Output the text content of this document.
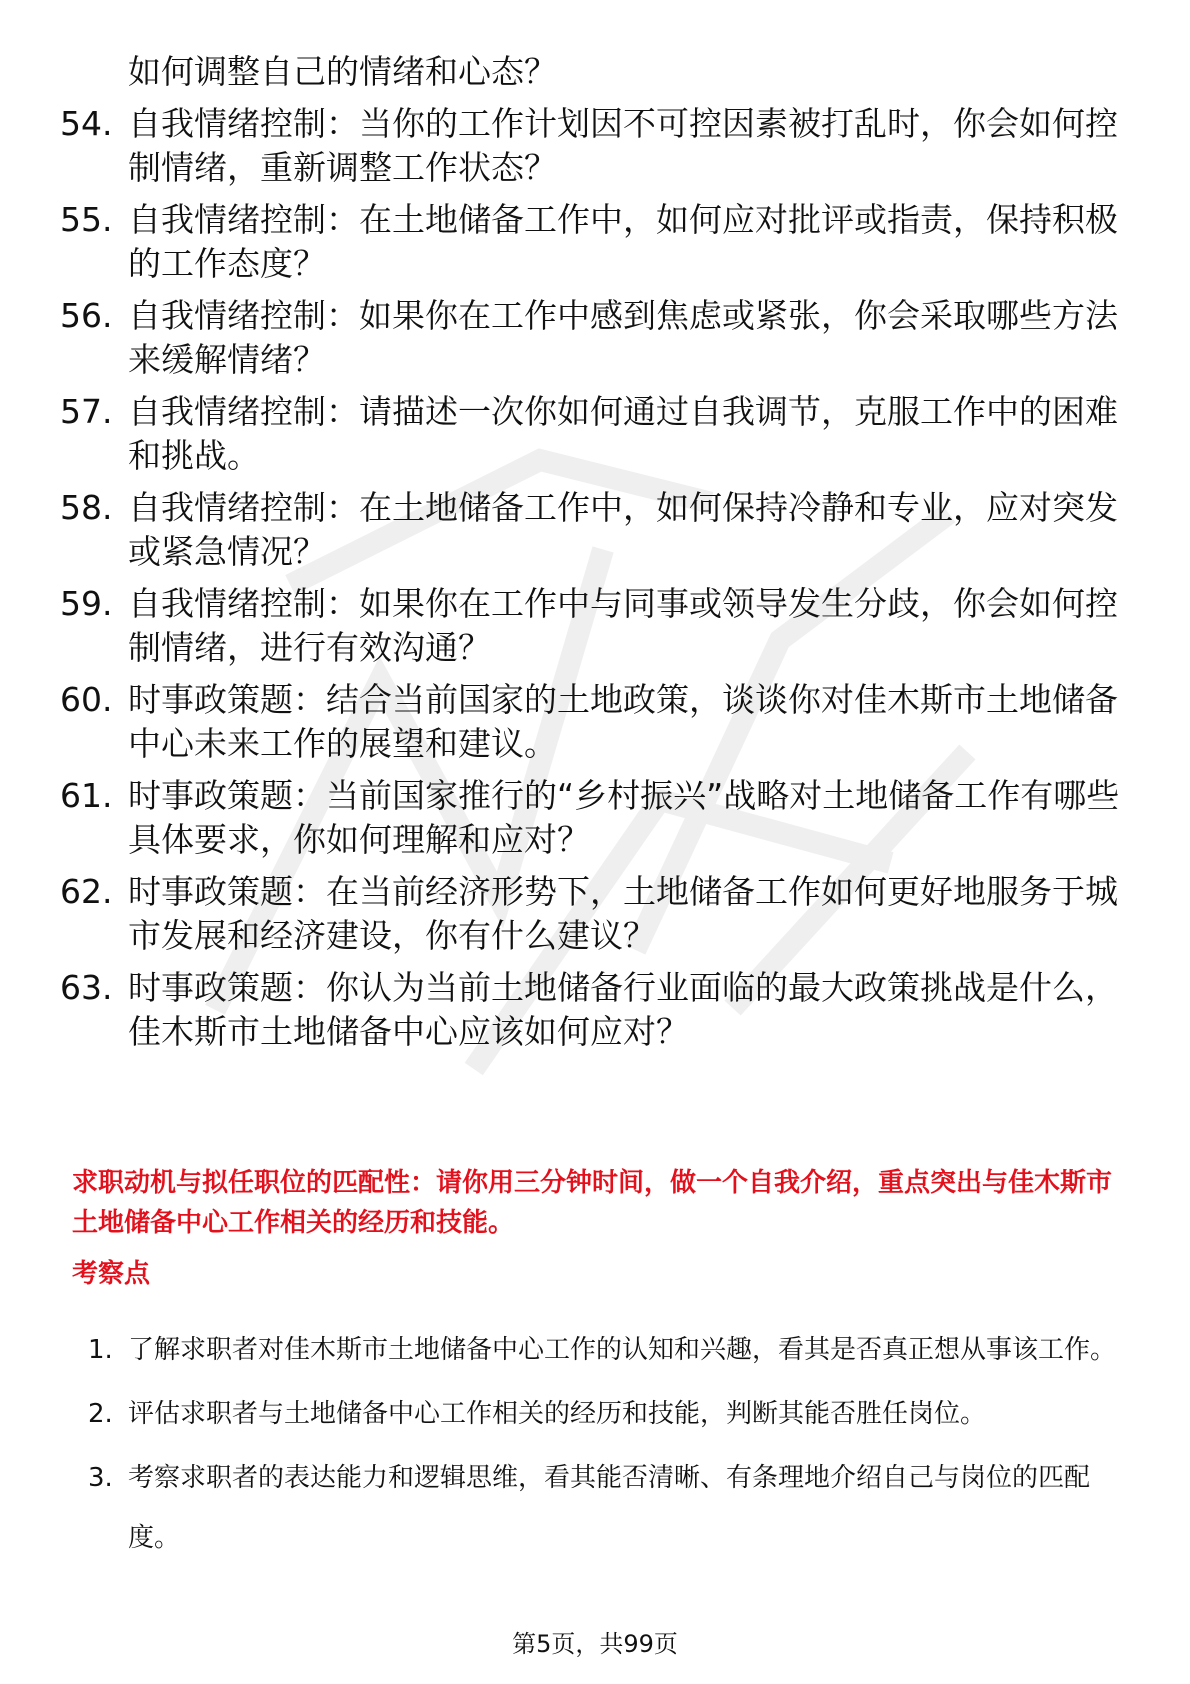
如何调整自己的情绪和心态？
54. 自我情绪控制：当你的工作计划因不可控因素被打乱时，你会如何控制情绪，重新调整工作状态？
55. 自我情绪控制：在土地储备工作中，如何应对批评或指责，保持积极的工作态度？
56. 自我情绪控制：如果你在工作中感到焦虑或紧张，你会采取哪些方法来缓解情绪？
57. 自我情绪控制：请描述一次你如何通过自我调节，克服工作中的困难和挑战。
58. 自我情绪控制：在土地储备工作中，如何保持冷静和专业，应对突发或紧急情况？
59. 自我情绪控制：如果你在工作中与同事或领导发生分歧，你会如何控制情绪，进行有效沟通？
60. 时事政策题：结合当前国家的土地政策，谈谈你对佳木斯市土地储备中心未来工作的展望和建议。
61. 时事政策题：当前国家推行的“乡村振兴”战略对土地储备工作有哪些具体要求，你如何理解和应对？
62. 时事政策题：在当前经济形势下，土地储备工作如何更好地服务于城市发展和经济建设，你有什么建议？
63. 时事政策题：你认为当前土地储备行业面临的最大政策挑战是什么，佳木斯市土地储备中心应该如何应对？
求职动机与拟任职位的匹配性：请你用三分钟时间，做一个自我介绍，重点突出与佳木斯市土地储备中心工作相关的经历和技能。
考察点
1. 了解求职者对佳木斯市土地储备中心工作的认知和兴趣，看其是否真正想从事该工作。
2. 评估求职者与土地储备中心工作相关的经历和技能，判断其能否胜任岗位。
3. 考察求职者的表达能力和逻辑思维，看其能否清晰、有条理地介绍自己与岗位的匹配度。
第5页，共99页
